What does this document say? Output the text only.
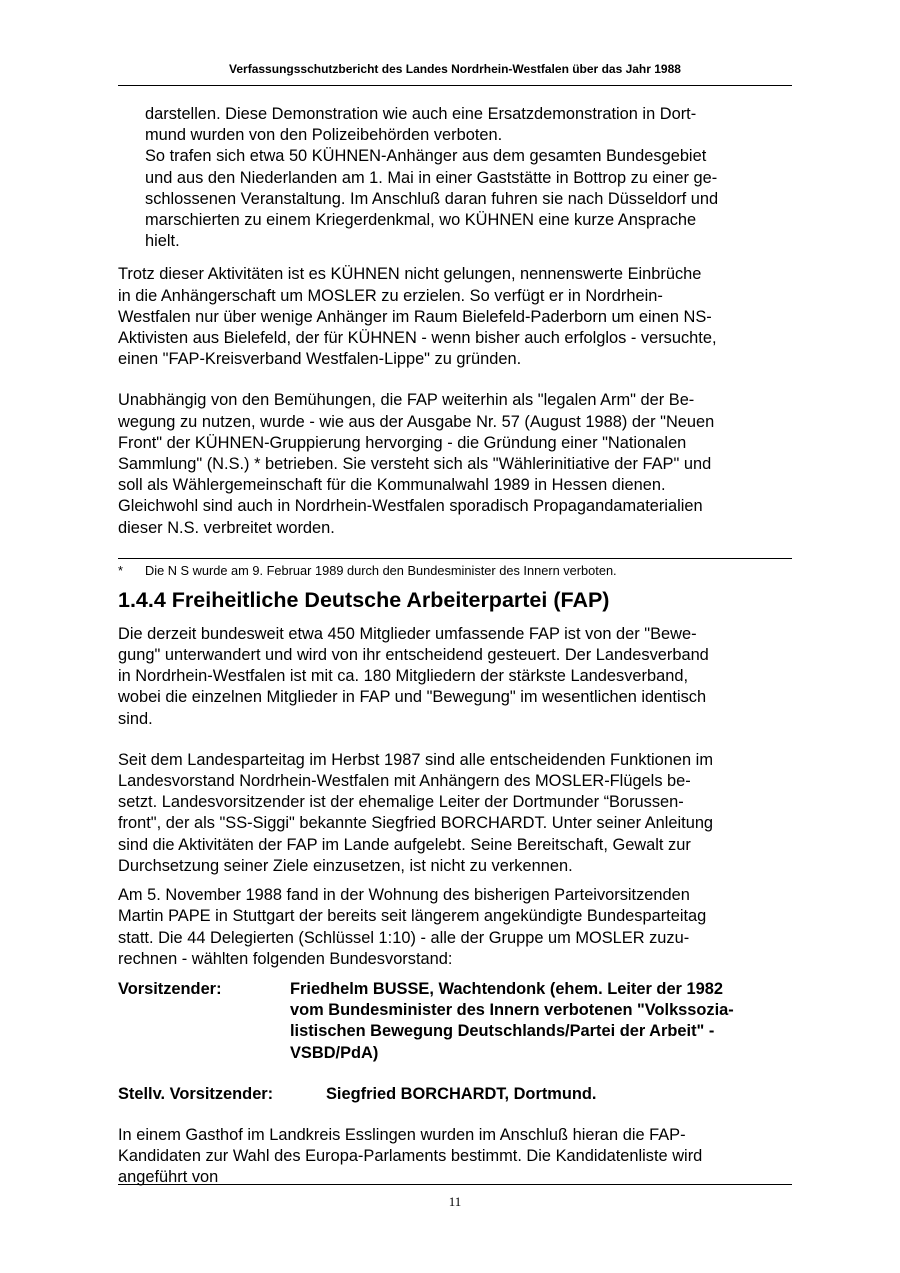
Verfassungsschutzbericht des Landes Nordrhein-Westfalen über das Jahr 1988

darstellen. Diese Demonstration wie auch eine Ersatzdemonstration in Dort-

mund wurden von den Polizeibehörden verboten.

So trafen sich etwa 50 KÜHNEN-Anhänger aus dem gesamten Bundesgebiet

und aus den Niederlanden am 1. Mai in einer Gaststätte in Bottrop zu einer ge-

schlossenen Veranstaltung. Im Anschluß daran fuhren sie nach Düsseldorf und

marschierten zu einem Kriegerdenkmal, wo KÜHNEN eine kurze Ansprache

hielt.

Trotz dieser Aktivitäten ist es KÜHNEN nicht gelungen, nennenswerte Einbrüche

in die Anhängerschaft um MOSLER zu erzielen. So verfügt er in Nordrhein-

Westfalen nur über wenige Anhänger im Raum Bielefeld-Paderborn um einen NS-

Aktivisten aus Bielefeld, der für KÜHNEN - wenn bisher auch erfolglos - versuchte,

einen "FAP-Kreisverband Westfalen-Lippe" zu gründen.

Unabhängig von den Bemühungen, die FAP weiterhin als "legalen Arm" der Be-

wegung zu nutzen, wurde - wie aus der Ausgabe Nr. 57 (August 1988) der "Neuen

Front" der KÜHNEN-Gruppierung hervorging - die Gründung einer "Nationalen

Sammlung" (N.S.) * betrieben. Sie versteht sich als "Wählerinitiative der FAP" und

soll als Wählergemeinschaft für die Kommunalwahl 1989 in Hessen dienen.

Gleichwohl sind auch in Nordrhein-Westfalen sporadisch Propagandamaterialien

dieser N.S. verbreitet worden.

*	Die N S wurde am 9. Februar 1989 durch den Bundesminister des Innern verboten.

1.4.4 Freiheitliche Deutsche Arbeiterpartei (FAP)

Die derzeit bundesweit etwa 450 Mitglieder umfassende FAP ist von der "Bewe-

gung" unterwandert und wird von ihr entscheidend gesteuert. Der Landesverband

in Nordrhein-Westfalen ist mit ca. 180 Mitgliedern der stärkste Landesverband,

wobei die einzelnen Mitglieder in FAP und "Bewegung" im wesentlichen identisch

sind.

Seit dem Landesparteitag im Herbst 1987 sind alle entscheidenden Funktionen im

Landesvorstand Nordrhein-Westfalen mit Anhängern des MOSLER-Flügels be-

setzt. Landesvorsitzender ist der ehemalige Leiter der Dortmunder “Borussen-

front", der als "SS-Siggi" bekannte Siegfried BORCHARDT. Unter seiner Anleitung

sind die Aktivitäten der FAP im Lande aufgelebt. Seine Bereitschaft, Gewalt zur

Durchsetzung seiner Ziele einzusetzen, ist nicht zu verkennen.

Am 5. November 1988 fand in der Wohnung des bisherigen Parteivorsitzenden

Martin PAPE in Stuttgart der bereits seit längerem angekündigte Bundesparteitag

statt. Die 44 Delegierten (Schlüssel 1:10) - alle der Gruppe um MOSLER zuzu-

rechnen - wählten folgenden Bundesvorstand:

Vorsitzender:	Friedhelm BUSSE, Wachtendonk (ehem. Leiter der 1982

vom Bundesminister des Innern verbotenen "Volkssozia-

listischen Bewegung Deutschlands/Partei der Arbeit" -

VSBD/PdA)

Stellv. Vorsitzender:	Siegfried BORCHARDT, Dortmund.

In einem Gasthof im Landkreis Esslingen wurden im Anschluß hieran die FAP-

Kandidaten zur Wahl des Europa-Parlaments bestimmt. Die Kandidatenliste wird

angeführt von

11
